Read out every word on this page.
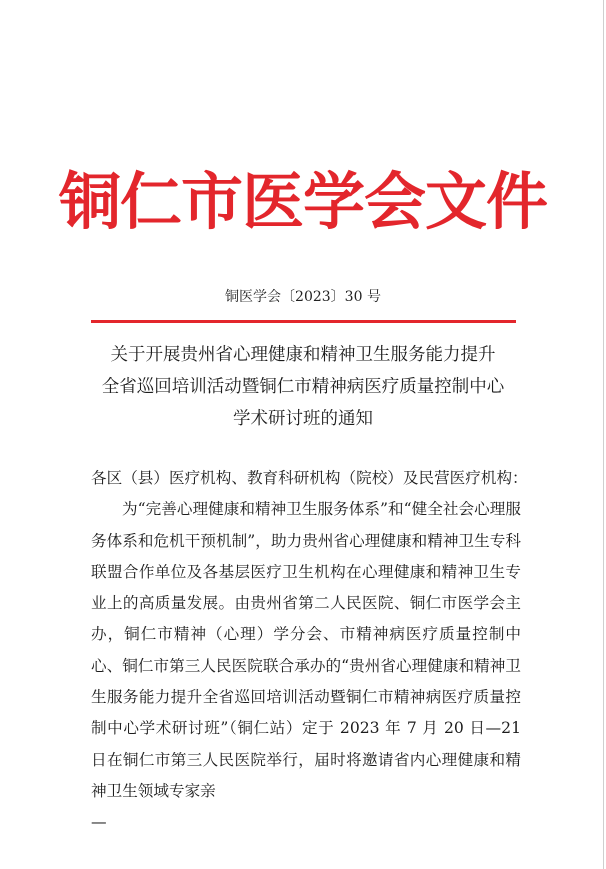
铜仁市医学会文件
铜医学会〔2023〕30 号
关于开展贵州省心理健康和精神卫生服务能力提升
全省巡回培训活动暨铜仁市精神病医疗质量控制中心
学术研讨班的通知

各区（县）医疗机构、教育科研机构（院校）及民营医疗机构：

为“完善心理健康和精神卫生服务体系”和“健全社会心理服务体系和危机干预机制”，助力贵州省心理健康和精神卫生专科联盟合作单位及各基层医疗卫生机构在心理健康和精神卫生专业上的高质量发展。由贵州省第二人民医院、铜仁市医学会主办，铜仁市精神（心理）学分会、市精神病医疗质量控制中心、铜仁市第三人民医院联合承办的“贵州省心理健康和精神卫生服务能力提升全省巡回培训活动暨铜仁市精神病医疗质量控制中心学术研讨班”（铜仁站）定于 2023 年 7 月 20 日—21 日在铜仁市第三人民医院举行，届时将邀请省内心理健康和精神卫生领域专家亲

—
